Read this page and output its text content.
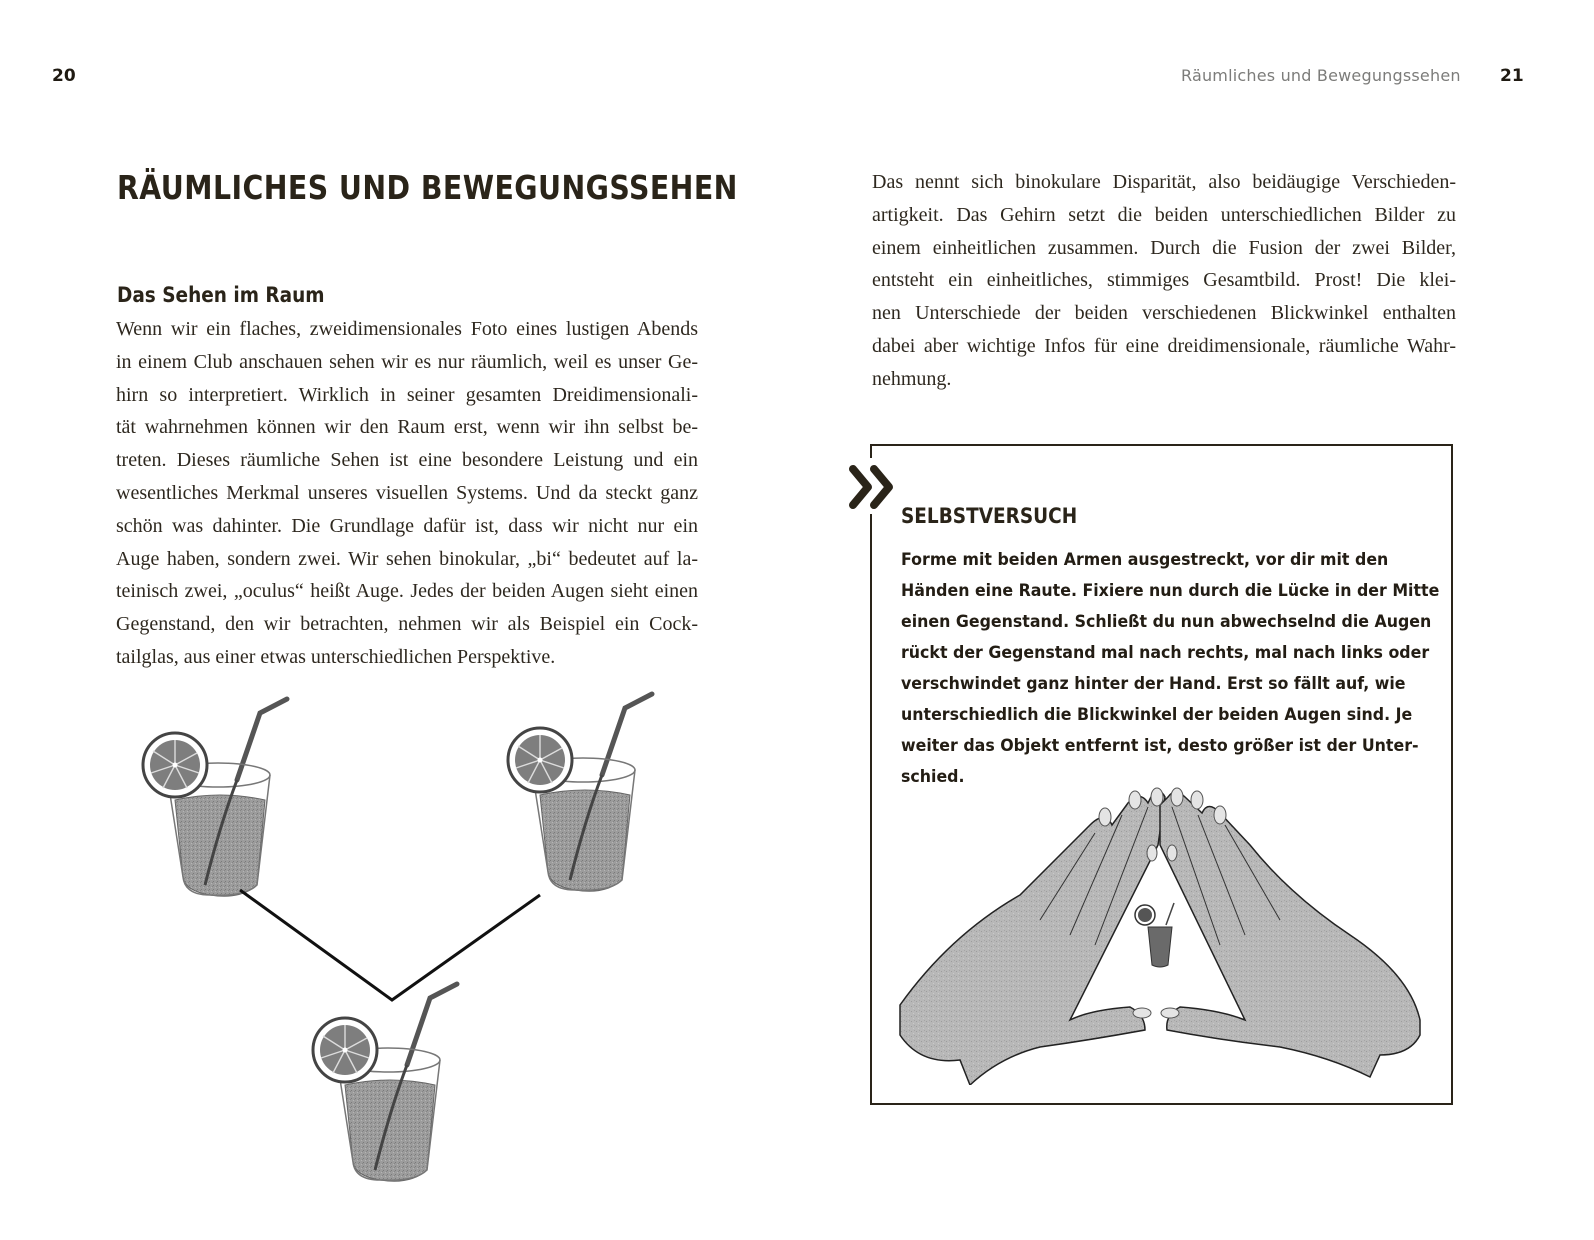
20
RÄUMLICHES UND BEWEGUNGSSEHEN
Das Sehen im Raum
Wenn wir ein flaches, zweidimensionales Foto eines lustigen Abends
in einem Club anschauen sehen wir es nur räumlich, weil es unser Ge-
hirn so interpretiert. Wirklich in seiner gesamten Dreidimensionali-
tät wahrnehmen können wir den Raum erst, wenn wir ihn selbst be-
treten. Dieses räumliche Sehen ist eine besondere Leistung und ein
wesentliches Merkmal unseres visuellen Systems. Und da steckt ganz
schön was dahinter. Die Grundlage dafür ist, dass wir nicht nur ein
Auge haben, sondern zwei. Wir sehen binokular, „bi“ bedeutet auf la-
teinisch zwei, „oculus“ heißt Auge. Jedes der beiden Augen sieht einen
Gegenstand, den wir betrachten, nehmen wir als Beispiel ein Cock-
tailglas, aus einer etwas unterschiedlichen Perspektive.
Räumliches und Bewegungssehen 21
Das nennt sich binokulare Disparität, also beidäugige Verschieden-
artigkeit. Das Gehirn setzt die beiden unterschiedlichen Bilder zu
einem einheitlichen zusammen. Durch die Fusion der zwei Bilder,
entsteht ein einheitliches, stimmiges Gesamtbild. Prost! Die klei-
nen Unterschiede der beiden verschiedenen Blickwinkel enthalten
dabei aber wichtige Infos für eine dreidimensionale, räumliche Wahr-
nehmung.
SELBSTVERSUCH
Forme mit beiden Armen ausgestreckt, vor dir mit den
Händen eine Raute. Fixiere nun durch die Lücke in der Mitte
einen Gegenstand. Schließt du nun abwechselnd die Augen
rückt der Gegenstand mal nach rechts, mal nach links oder
verschwindet ganz hinter der Hand. Erst so fällt auf, wie
unterschiedlich die Blickwinkel der beiden Augen sind. Je
weiter das Objekt entfernt ist, desto größer ist der Unter-
schied.
